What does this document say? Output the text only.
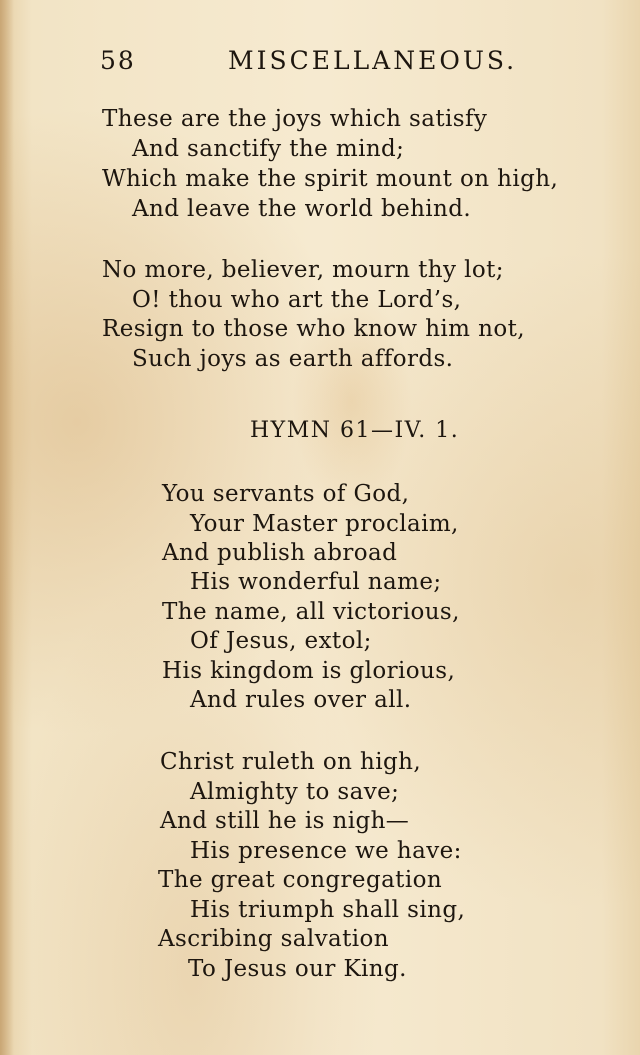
58	MISCELLANEOUS.
These are the joys which satisfy
And sanctify the mind;
Which make the spirit mount on high,
And leave the world behind.
No more, believer, mourn thy lot;
O! thou who art the Lord’s,
Resign to those who know him not,
Such joys as earth affords.
HYMN 61—IV. 1.
You servants of God,
Your Master proclaim,
And publish abroad
His wonderful name;
The name, all victorious,
Of Jesus, extol;
His kingdom is glorious,
And rules over all.
Christ ruleth on high,
Almighty to save;
And still he is nigh—
His presence we have:
The great congregation
His triumph shall sing,
Ascribing salvation
To Jesus our King.
